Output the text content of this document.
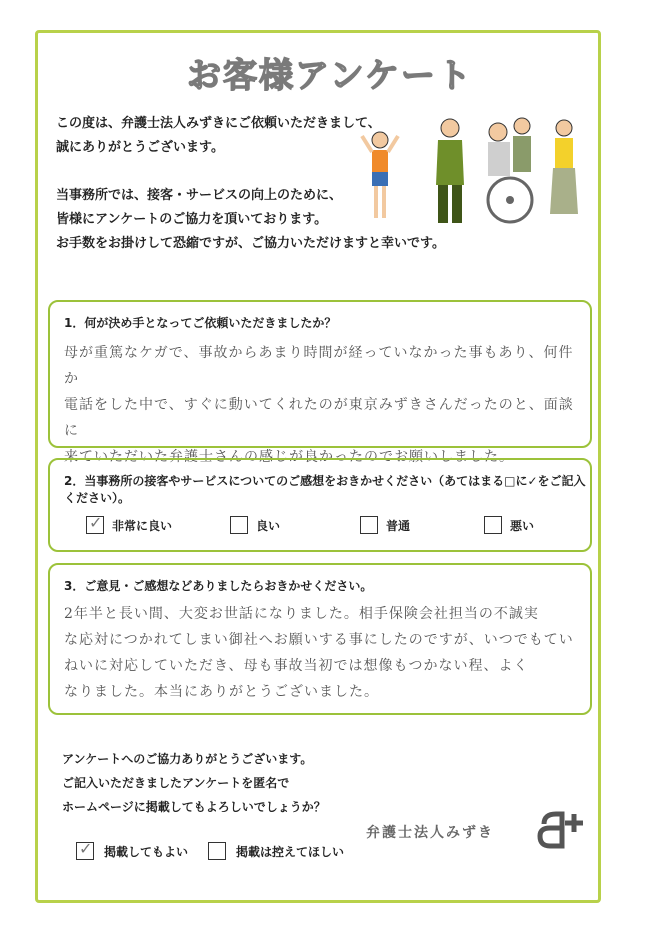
お客様アンケート
この度は、弁護士法人みずきにご依頼いただきまして、
誠にありがとうございます。
当事務所では、接客・サービスの向上のために、
皆様にアンケートのご協力を頂いております。
お手数をお掛けして恐縮ですが、ご協力いただけますと幸いです。
1．何が決め手となってご依頼いただきましたか？
母が重篤なケガで、事故からあまり時間が経っていなかった事もあり、何件か
電話をした中で、すぐに動いてくれたのが東京みずきさんだったのと、面談に
来ていただいた弁護士さんの感じが良かったのでお願いしました。
2．当事務所の接客やサービスについてのご感想をおきかせください（あてはまる□に✓をご記入ください）。
✓
非常に良い	良い	普通	悪い
3．ご意見・ご感想などありましたらおきかせください。
2年半と長い間、大変お世話になりました。相手保険会社担当の不誠実
な応対につかれてしまい御社へお願いする事にしたのですが、いつでもてい
ねいに対応していただき、母も事故当初では想像もつかない程、よく
なりました。本当にありがとうございました。
アンケートへのご協力ありがとうございます。
ご記入いただきましたアンケートを匿名で
ホームページに掲載してもよろしいでしょうか？
弁護士法人みずき
✓
掲載してもよい	掲載は控えてほしい
